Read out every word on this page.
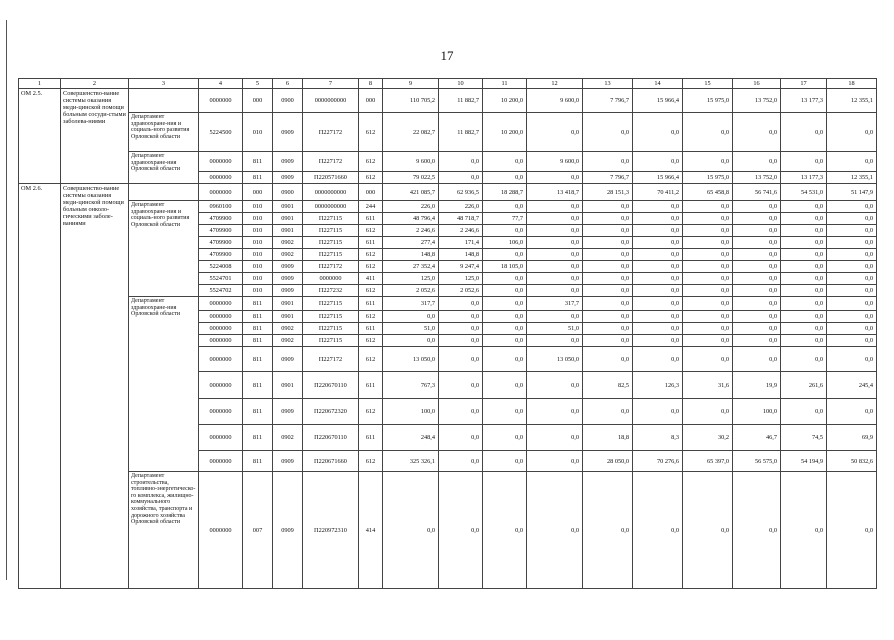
17
1	2	3	4	5	6	7	8	9	10	11	12	13	14	15	16	17	18
ОМ 2.5.	Совершенство-вание системы оказания меди-цинской помощи больным сосуди-стыми заболева-ниями		0000000	000	0900	0000000000	000	110 705,2	11 882,7	10 200,0	9 600,0	7 796,7	15 966,4	15 975,0	13 752,0	13 177,3	12 355,1
		Департамент здравоохране-ния и социаль-ного развития Орловской области	5224500	010	0909	П227172	612	22 082,7	11 882,7	10 200,0	0,0	0,0	0,0	0,0	0,0	0,0	0,0
		Департамент здравоохране-ния Орловской области	0000000	811	0909	П227172	612	9 600,0	0,0	0,0	9 600,0	0,0	0,0	0,0	0,0	0,0	0,0
			0000000	811	0909	П220571660	612	79 022,5	0,0	0,0	0,0	7 796,7	15 966,4	15 975,0	13 752,0	13 177,3	12 355,1
ОМ 2.6.	Совершенство-вание системы оказания меди-цинской помощи больным онколо-гическими заболе-ваниями		0000000	000	0900	0000000000	000	421 085,7	62 936,5	18 288,7	13 418,7	28 151,3	70 411,2	65 458,8	56 741,6	54 531,0	51 147,9
		Департамент здравоохране-ния и социаль-ного развития Орловской области	0960100	010	0901	0000000000	244	226,0	226,0	0,0	0,0	0,0	0,0	0,0	0,0	0,0	0,0
			4709900	010	0901	П227115	611	48 796,4	48 718,7	77,7	0,0	0,0	0,0	0,0	0,0	0,0	0,0
			4709900	010	0901	П227115	612	2 246,6	2 246,6	0,0	0,0	0,0	0,0	0,0	0,0	0,0	0,0
			4709900	010	0902	П227115	611	277,4	171,4	106,0	0,0	0,0	0,0	0,0	0,0	0,0	0,0
			4709900	010	0902	П227115	612	148,8	148,8	0,0	0,0	0,0	0,0	0,0	0,0	0,0	0,0
			5224008	010	0909	П227172	612	27 352,4	9 247,4	18 105,0	0,0	0,0	0,0	0,0	0,0	0,0	0,0
			5524701	010	0909	0000000	411	125,0	125,0	0,0	0,0	0,0	0,0	0,0	0,0	0,0	0,0
			5524702	010	0909	П227232	612	2 052,6	2 052,6	0,0	0,0	0,0	0,0	0,0	0,0	0,0	0,0
		Департамент здравоохране-ния Орловской области	0000000	811	0901	П227115	611	317,7	0,0	0,0	317,7	0,0	0,0	0,0	0,0	0,0	0,0
			0000000	811	0901	П227115	612	0,0	0,0	0,0	0,0	0,0	0,0	0,0	0,0	0,0	0,0
			0000000	811	0902	П227115	611	51,0	0,0	0,0	51,0	0,0	0,0	0,0	0,0	0,0	0,0
			0000000	811	0902	П227115	612	0,0	0,0	0,0	0,0	0,0	0,0	0,0	0,0	0,0	0,0
			0000000	811	0909	П227172	612	13 050,0	0,0	0,0	13 050,0	0,0	0,0	0,0	0,0	0,0	0,0
			0000000	811	0901	П220670110	611	767,3	0,0	0,0	0,0	82,5	126,3	31,6	19,9	261,6	245,4
			0000000	811	0909	П220672320	612	100,0	0,0	0,0	0,0	0,0	0,0	0,0	100,0	0,0	0,0
			0000000	811	0902	П220670110	611	248,4	0,0	0,0	0,0	18,8	8,3	30,2	46,7	74,5	69,9
			0000000	811	0909	П220671660	612	325 326,1	0,0	0,0	0,0	28 050,0	70 276,6	65 397,0	56 575,0	54 194,9	50 832,6
		Департамент строительства, топливно-энергетическо-го комплекса, жилищно-коммунального хозяйства, транспорта и дорожного хозяйства Орловской области	0000000	007	0909	П220972310	414	0,0	0,0	0,0	0,0	0,0	0,0	0,0	0,0	0,0	0,0
